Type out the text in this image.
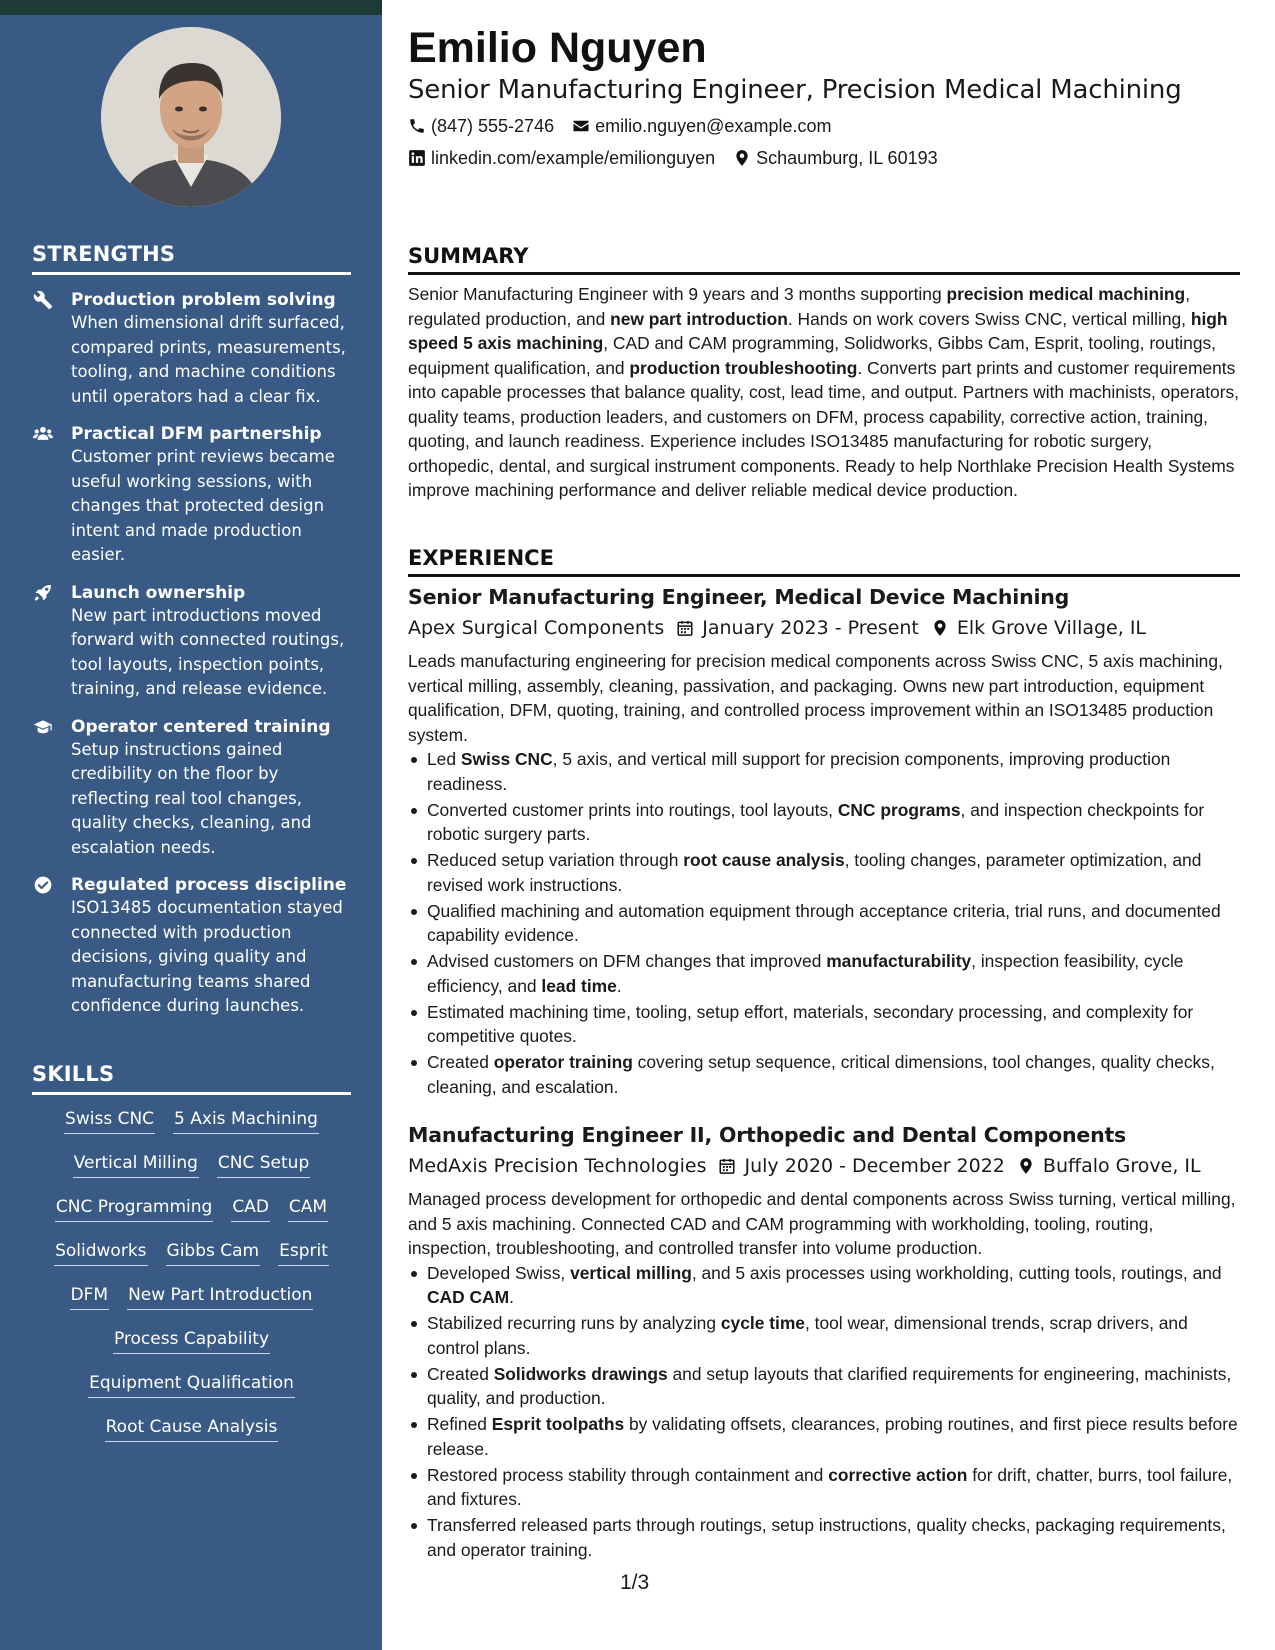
STRENGTHS
Production problem solving
When dimensional drift surfaced, compared prints, measurements, tooling, and machine conditions until operators had a clear fix.
Practical DFM partnership
Customer print reviews became useful working sessions, with changes that protected design intent and made production easier.
Launch ownership
New part introductions moved forward with connected routings, tool layouts, inspection points, training, and release evidence.
Operator centered training
Setup instructions gained credibility on the floor by reflecting real tool changes, quality checks, cleaning, and escalation needs.
Regulated process discipline
ISO13485 documentation stayed connected with production decisions, giving quality and manufacturing teams shared confidence during launches.
SKILLS
Swiss CNC 5 Axis Machining
Vertical Milling CNC Setup
CNC Programming CAD CAM
Solidworks Gibbs Cam Esprit
DFM New Part Introduction
Process Capability
Equipment Qualification
Root Cause Analysis
Emilio Nguyen
Senior Manufacturing Engineer, Precision Medical Machining
(847) 555-2746 emilio.nguyen@example.com
linkedin.com/example/emilionguyen Schaumburg, IL 60193
SUMMARY
Senior Manufacturing Engineer with 9 years and 3 months supporting precision medical machining, regulated production, and new part introduction. Hands on work covers Swiss CNC, vertical milling, high speed 5 axis machining, CAD and CAM programming, Solidworks, Gibbs Cam, Esprit, tooling, routings, equipment qualification, and production troubleshooting. Converts part prints and customer requirements into capable processes that balance quality, cost, lead time, and output. Partners with machinists, operators, quality teams, production leaders, and customers on DFM, process capability, corrective action, training, quoting, and launch readiness. Experience includes ISO13485 manufacturing for robotic surgery, orthopedic, dental, and surgical instrument components. Ready to help Northlake Precision Health Systems improve machining performance and deliver reliable medical device production.
EXPERIENCE
Senior Manufacturing Engineer, Medical Device Machining
Apex Surgical Components January 2023 - Present Elk Grove Village, IL
Leads manufacturing engineering for precision medical components across Swiss CNC, 5 axis machining, vertical milling, assembly, cleaning, passivation, and packaging. Owns new part introduction, equipment qualification, DFM, quoting, training, and controlled process improvement within an ISO13485 production system.
Led Swiss CNC, 5 axis, and vertical mill support for precision components, improving production readiness.
Converted customer prints into routings, tool layouts, CNC programs, and inspection checkpoints for robotic surgery parts.
Reduced setup variation through root cause analysis, tooling changes, parameter optimization, and revised work instructions.
Qualified machining and automation equipment through acceptance criteria, trial runs, and documented capability evidence.
Advised customers on DFM changes that improved manufacturability, inspection feasibility, cycle efficiency, and lead time.
Estimated machining time, tooling, setup effort, materials, secondary processing, and complexity for competitive quotes.
Created operator training covering setup sequence, critical dimensions, tool changes, quality checks, cleaning, and escalation.
Manufacturing Engineer II, Orthopedic and Dental Components
MedAxis Precision Technologies July 2020 - December 2022 Buffalo Grove, IL
Managed process development for orthopedic and dental components across Swiss turning, vertical milling, and 5 axis machining. Connected CAD and CAM programming with workholding, tooling, routing, inspection, troubleshooting, and controlled transfer into volume production.
Developed Swiss, vertical milling, and 5 axis processes using workholding, cutting tools, routings, and CAD CAM.
Stabilized recurring runs by analyzing cycle time, tool wear, dimensional trends, scrap drivers, and control plans.
Created Solidworks drawings and setup layouts that clarified requirements for engineering, machinists, quality, and production.
Refined Esprit toolpaths by validating offsets, clearances, probing routines, and first piece results before release.
Restored process stability through containment and corrective action for drift, chatter, burrs, tool failure, and fixtures.
Transferred released parts through routings, setup instructions, quality checks, packaging requirements, and operator training.
1/3
